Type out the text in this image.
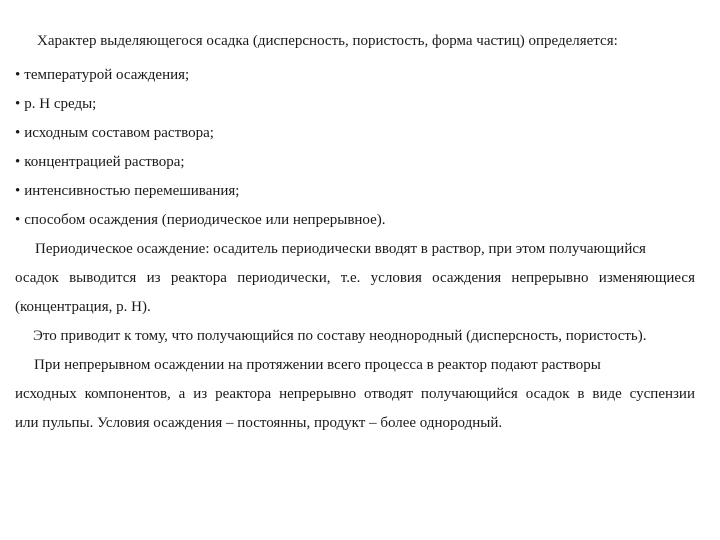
Характер выделяющегося осадка (дисперсность, пористость, форма частиц) определяется:
• температурой осаждения;
• р. Н среды;
• исходным составом раствора;
• концентрацией раствора;
• интенсивностью перемешивания;
• способом осаждения (периодическое или непрерывное).
Периодическое осаждение: осадитель периодически вводят в раствор, при этом получающийся
осадок выводится из реактора периодически, т.е. условия осаждения непрерывно изменяющиеся
(концентрация, р. Н).
Это приводит к тому, что получающийся по составу неоднородный (дисперсность, пористость).
При непрерывном осаждении на протяжении всего процесса в реактор подают растворы
исходных компонентов, а из реактора непрерывно отводят получающийся осадок в виде суспензии
или пульпы. Условия осаждения – постоянны, продукт – более однородный.
